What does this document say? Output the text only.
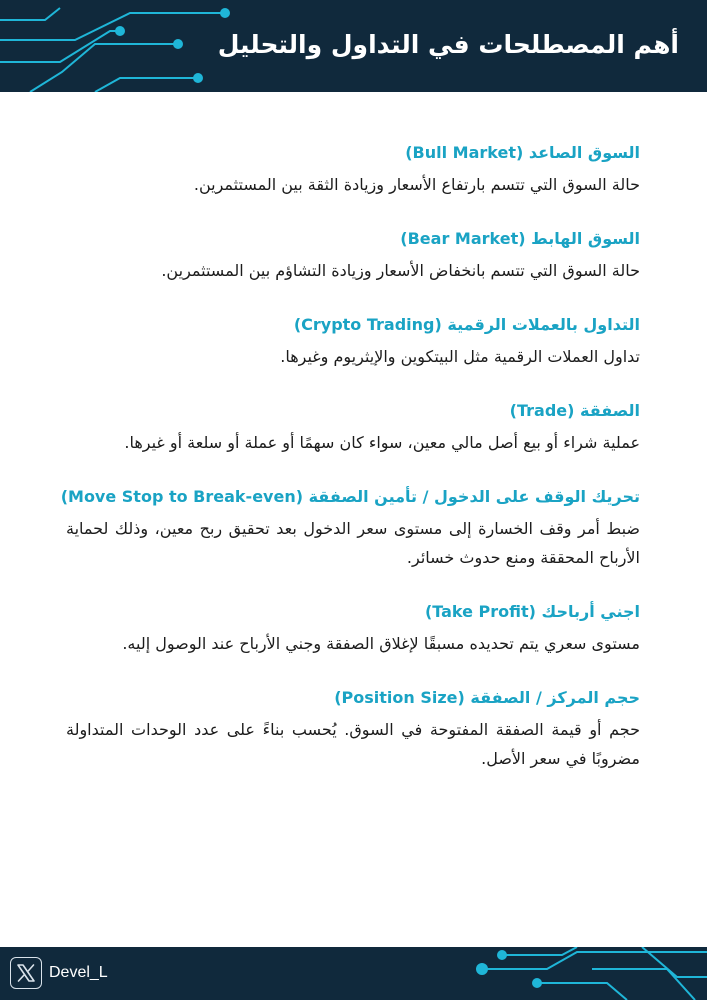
أهم المصطلحات في التداول والتحليل
السوق الصاعد (Bull Market)

حالة السوق التي تتسم بارتفاع الأسعار وزيادة الثقة بين المستثمرين.

السوق الهابط (Bear Market)

حالة السوق التي تتسم بانخفاض الأسعار وزيادة التشاؤم بين المستثمرين.

التداول بالعملات الرقمية (Crypto Trading)

تداول العملات الرقمية مثل البيتكوين والإيثريوم وغيرها.

الصفقة (Trade)

عملية شراء أو بيع أصل مالي معين، سواء كان سهمًا أو عملة أو سلعة أو غيرها.

تحريك الوقف على الدخول / تأمين الصفقة (Move Stop to Break-even)

ضبط أمر وقف الخسارة إلى مستوى سعر الدخول بعد تحقيق ربح معين، وذلك لحماية الأرباح المحققة ومنع حدوث خسائر.

اجني أرباحك (Take Profit)

مستوى سعري يتم تحديده مسبقًا لإغلاق الصفقة وجني الأرباح عند الوصول إليه.

حجم المركز / الصفقة (Position Size)

حجم أو قيمة الصفقة المفتوحة في السوق. يُحسب بناءً على عدد الوحدات المتداولة مضروبًا في سعر الأصل.

Devel_L
